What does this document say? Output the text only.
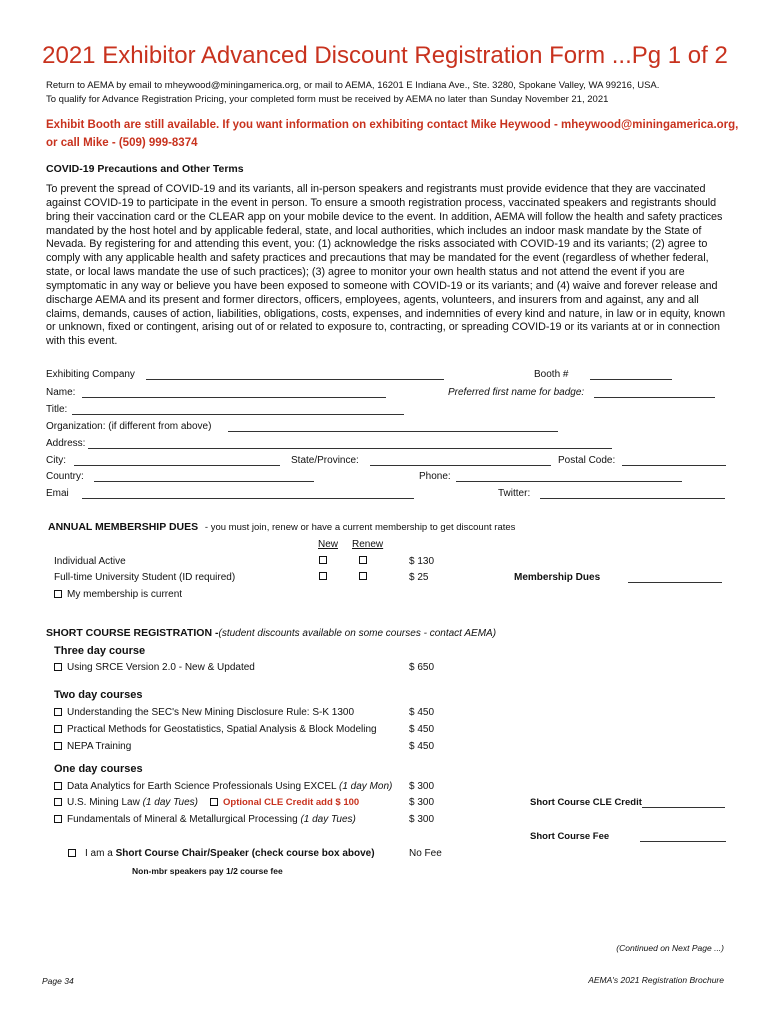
2021 Exhibitor Advanced Discount Registration Form ...Pg 1 of 2
Return to AEMA by email to mheywood@miningamerica.org, or mail to AEMA, 16201 E Indiana Ave., Ste. 3280, Spokane Valley, WA 99216, USA.
To qualify for Advance Registration Pricing, your completed form must be received by AEMA no later than Sunday November 21, 2021
Exhibit Booth are still available. If you want information on exhibiting contact Mike Heywood - mheywood@miningamerica.org,
or call Mike - (509) 999-8374
COVID-19 Precautions and Other Terms
To prevent the spread of COVID-19 and its variants, all in-person speakers and registrants must provide evidence that they are vaccinated against COVID-19 to participate in the event in person. To ensure a smooth registration process, vaccinated speakers and registrants should bring their vaccination card or the CLEAR app on your mobile device to the event. In addition, AEMA will follow the health and safety practices mandated by the host hotel and by applicable federal, state, and local authorities, which includes an indoor mask mandate by the State of Nevada. By registering for and attending this event, you: (1) acknowledge the risks associated with COVID-19 and its variants; (2) agree to comply with any applicable health and safety practices and precautions that may be mandated for the event (regardless of whether federal, state, or local laws mandate the use of such practices); (3) agree to monitor your own health status and not attend the event if you are symptomatic in any way or believe you have been exposed to someone with COVID-19 or its variants; and (4) waive and forever release and discharge AEMA and its present and former directors, officers, employees, agents, volunteers, and insurers from and against, any and all claims, demands, causes of action, liabilities, obligations, costs, expenses, and indemnities of every kind and nature, in law or in equity, known or unknown, fixed or contingent, arising out of or related to exposure to, contracting, or spreading COVID-19 or its variants at or in connection with this event.
Exhibiting Company	Booth #
Name:	Preferred first name for badge:
Title:
Organization: (if different from above)
Address:
City:	State/Province:	Postal Code:
Country:	Phone:
Emai	Twitter:
ANNUAL MEMBERSHIP DUES - you must join, renew or have a current membership to get discount rates
New Renew
Individual Active	$ 130
Full-time University Student (ID required)	$ 25	Membership Dues
My membership is current
SHORT COURSE REGISTRATION -(student discounts available on some courses - contact AEMA)
Three day course
Using SRCE Version 2.0 - New & Updated	$ 650
Two day courses
Understanding the SEC's New Mining Disclosure Rule: S-K 1300	$ 450
Practical Methods for Geostatistics, Spatial Analysis & Block Modeling	$ 450
NEPA Training	$ 450
One day courses
Data Analytics for Earth Science Professionals Using EXCEL (1 day Mon) $ 300
U.S. Mining Law (1 day Tues)	Optional CLE Credit add $ 100	$ 300	Short Course CLE Credit
Fundamentals of Mineral & Metallurgical Processing (1 day Tues)	$ 300
Short Course Fee
I am a Short Course Chair/Speaker (check course box above)	No Fee
Non-mbr speakers pay 1/2 course fee
(Continued on Next Page ...)
Page 34	AEMA's 2021 Registration Brochure
